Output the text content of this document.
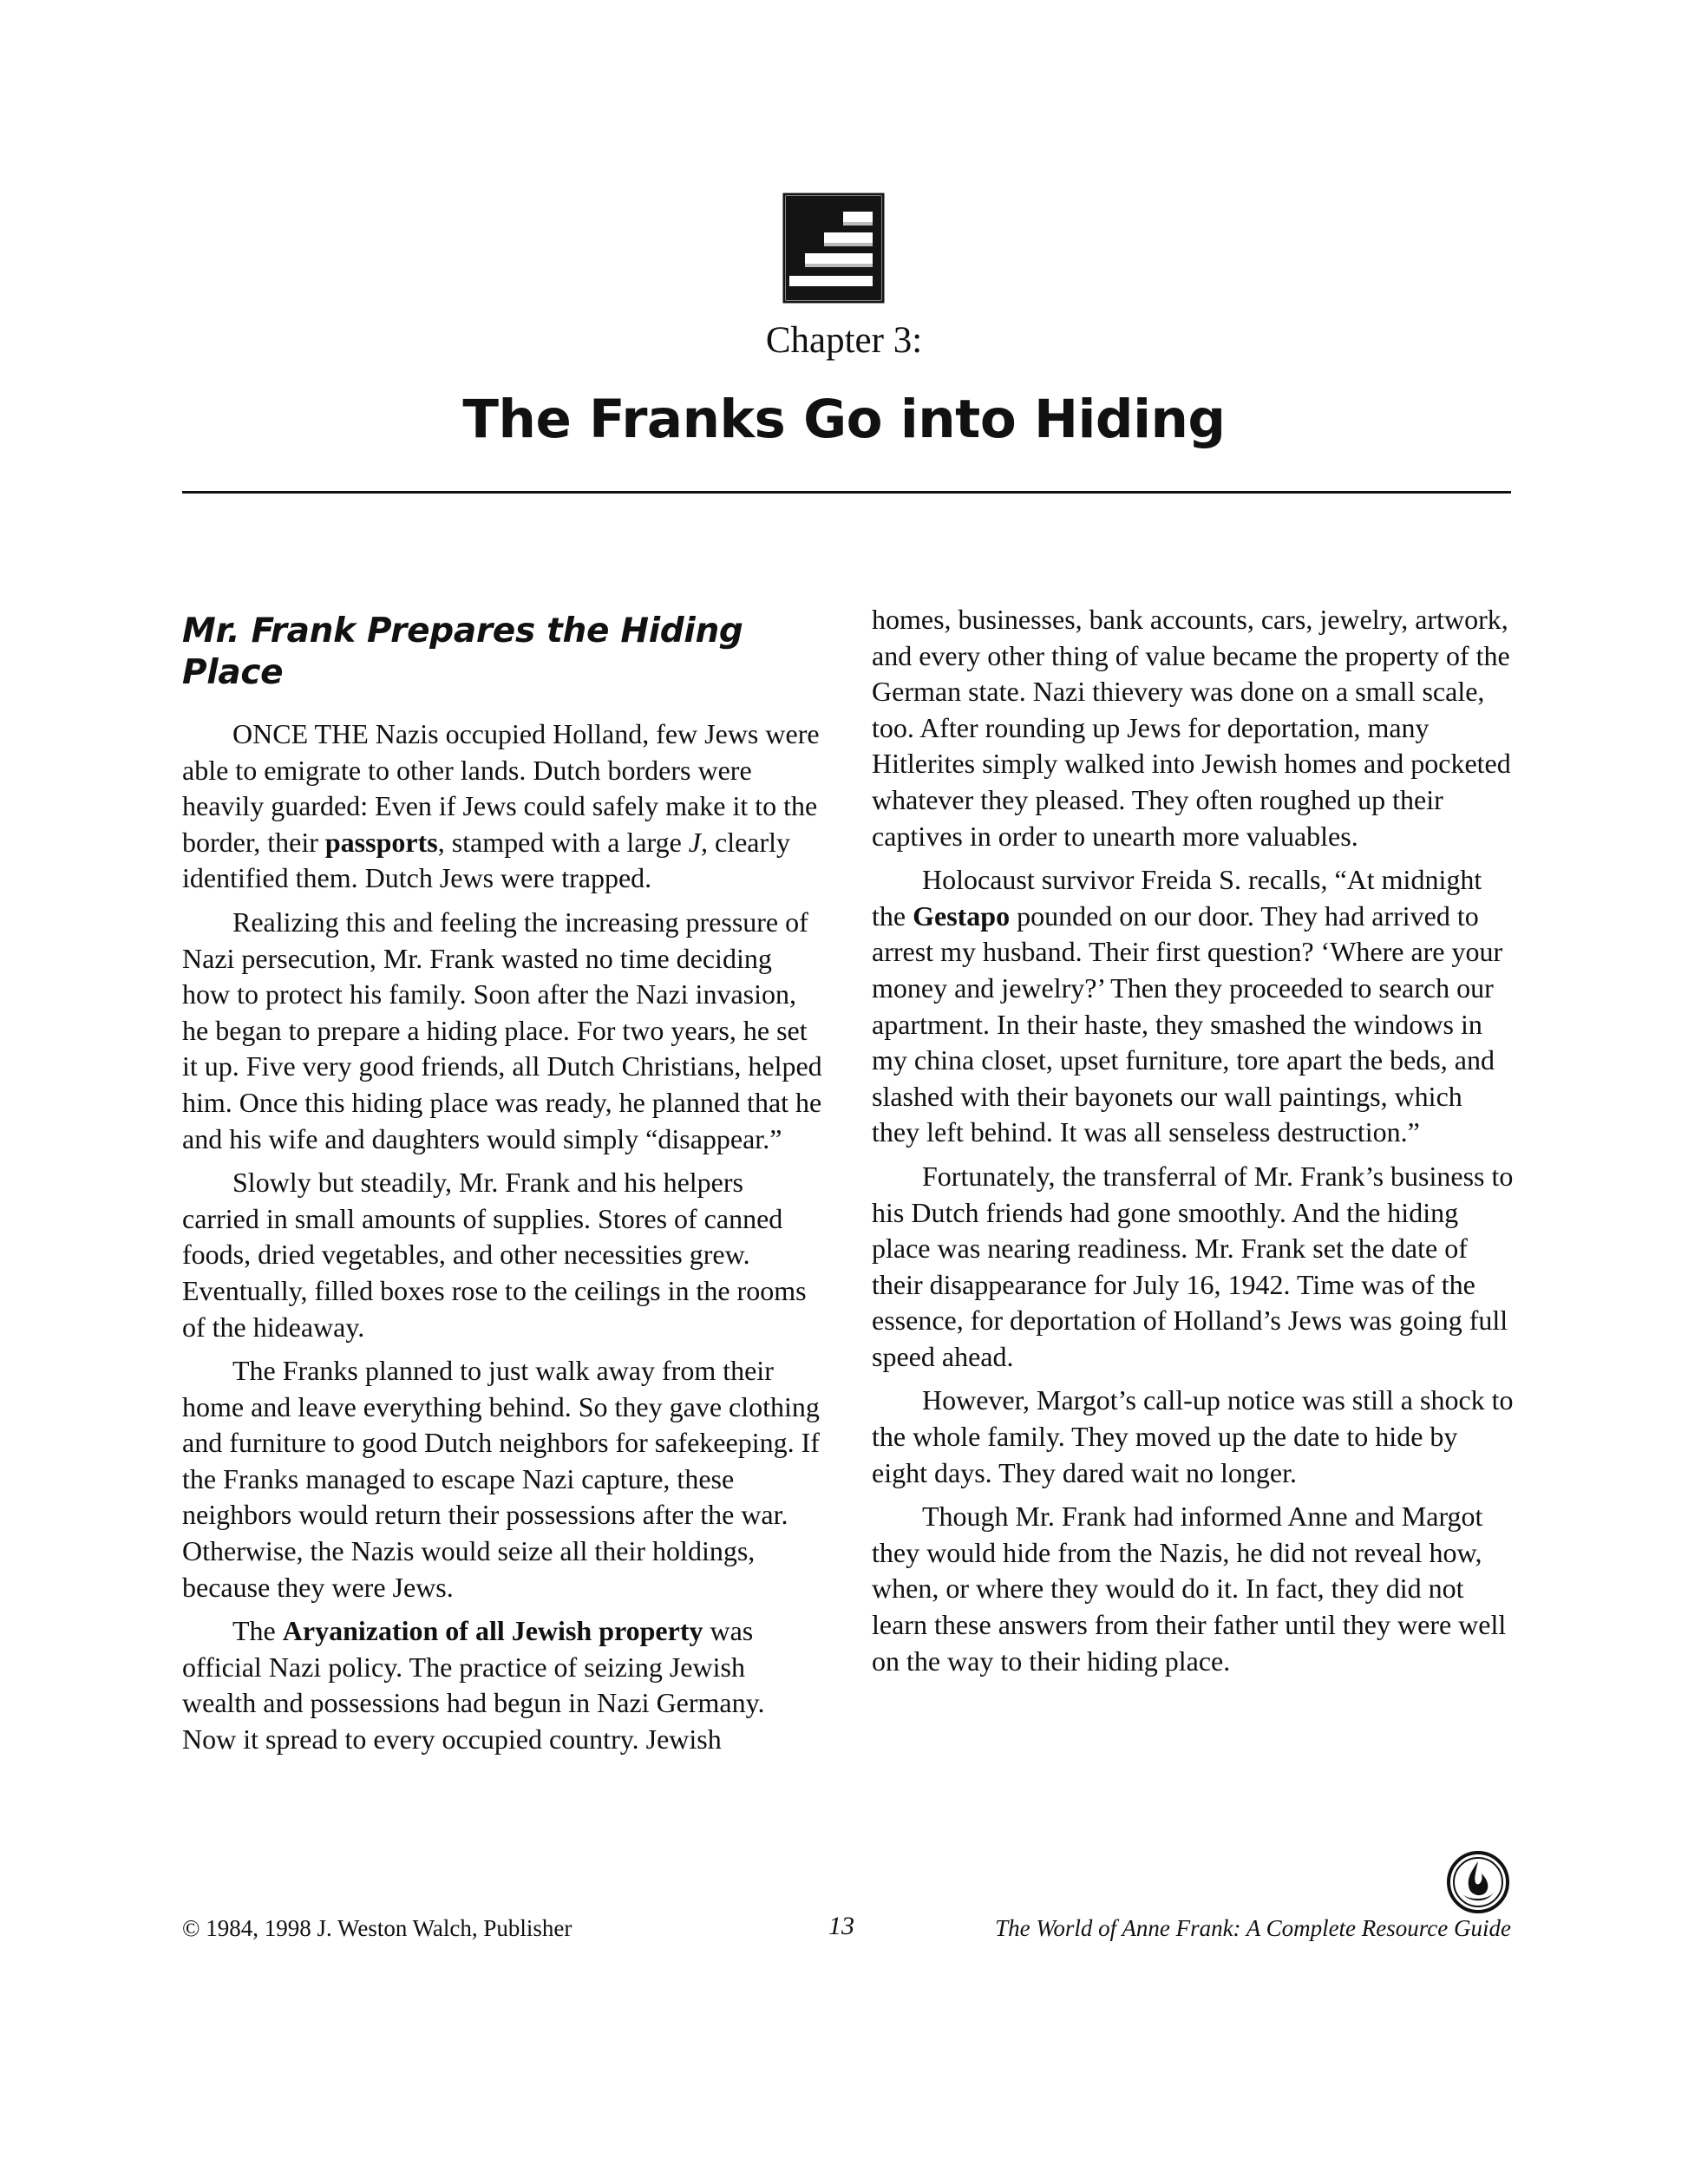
Chapter 3:
The Franks Go into Hiding
Mr. Frank Prepares the Hiding Place

ONCE THE Nazis occupied Holland, few Jews were able to emigrate to other lands. Dutch borders were heavily guarded: Even if Jews could safely make it to the border, their passports, stamped with a large J, clearly identified them. Dutch Jews were trapped.

Realizing this and feeling the increasing pressure of Nazi persecution, Mr. Frank wasted no time deciding how to protect his family. Soon after the Nazi invasion, he began to prepare a hiding place. For two years, he set it up. Five very good friends, all Dutch Christians, helped him. Once this hiding place was ready, he planned that he and his wife and daughters would simply “disappear.”

Slowly but steadily, Mr. Frank and his helpers carried in small amounts of supplies. Stores of canned foods, dried vegetables, and other necessities grew. Eventually, filled boxes rose to the ceilings in the rooms of the hideaway.

The Franks planned to just walk away from their home and leave everything behind. So they gave clothing and furniture to good Dutch neighbors for safekeeping. If the Franks managed to escape Nazi capture, these neighbors would return their possessions after the war. Otherwise, the Nazis would seize all their holdings, because they were Jews.

The Aryanization of all Jewish property was official Nazi policy. The practice of seizing Jewish wealth and possessions had begun in Nazi Germany. Now it spread to every occupied country. Jewish

homes, businesses, bank accounts, cars, jewelry, artwork, and every other thing of value became the property of the German state. Nazi thievery was done on a small scale, too. After rounding up Jews for deportation, many Hitlerites simply walked into Jewish homes and pocketed whatever they pleased. They often roughed up their captives in order to unearth more valuables.

Holocaust survivor Freida S. recalls, “At midnight the Gestapo pounded on our door. They had arrived to arrest my husband. Their first question? ‘Where are your money and jewelry?’ Then they proceeded to search our apartment. In their haste, they smashed the windows in my china closet, upset furniture, tore apart the beds, and slashed with their bayonets our wall paintings, which they left behind. It was all senseless destruction.”

Fortunately, the transferral of Mr. Frank’s business to his Dutch friends had gone smoothly. And the hiding place was nearing readiness. Mr. Frank set the date of their disappearance for July 16, 1942. Time was of the essence, for deportation of Holland’s Jews was going full speed ahead.

However, Margot’s call-up notice was still a shock to the whole family. They moved up the date to hide by eight days. They dared wait no longer.

Though Mr. Frank had informed Anne and Margot they would hide from the Nazis, he did not reveal how, when, or where they would do it. In fact, they did not learn these answers from their father until they were well on the way to their hiding place.

© 1984, 1998 J. Weston Walch, Publisher	13	The World of Anne Frank: A Complete Resource Guide
